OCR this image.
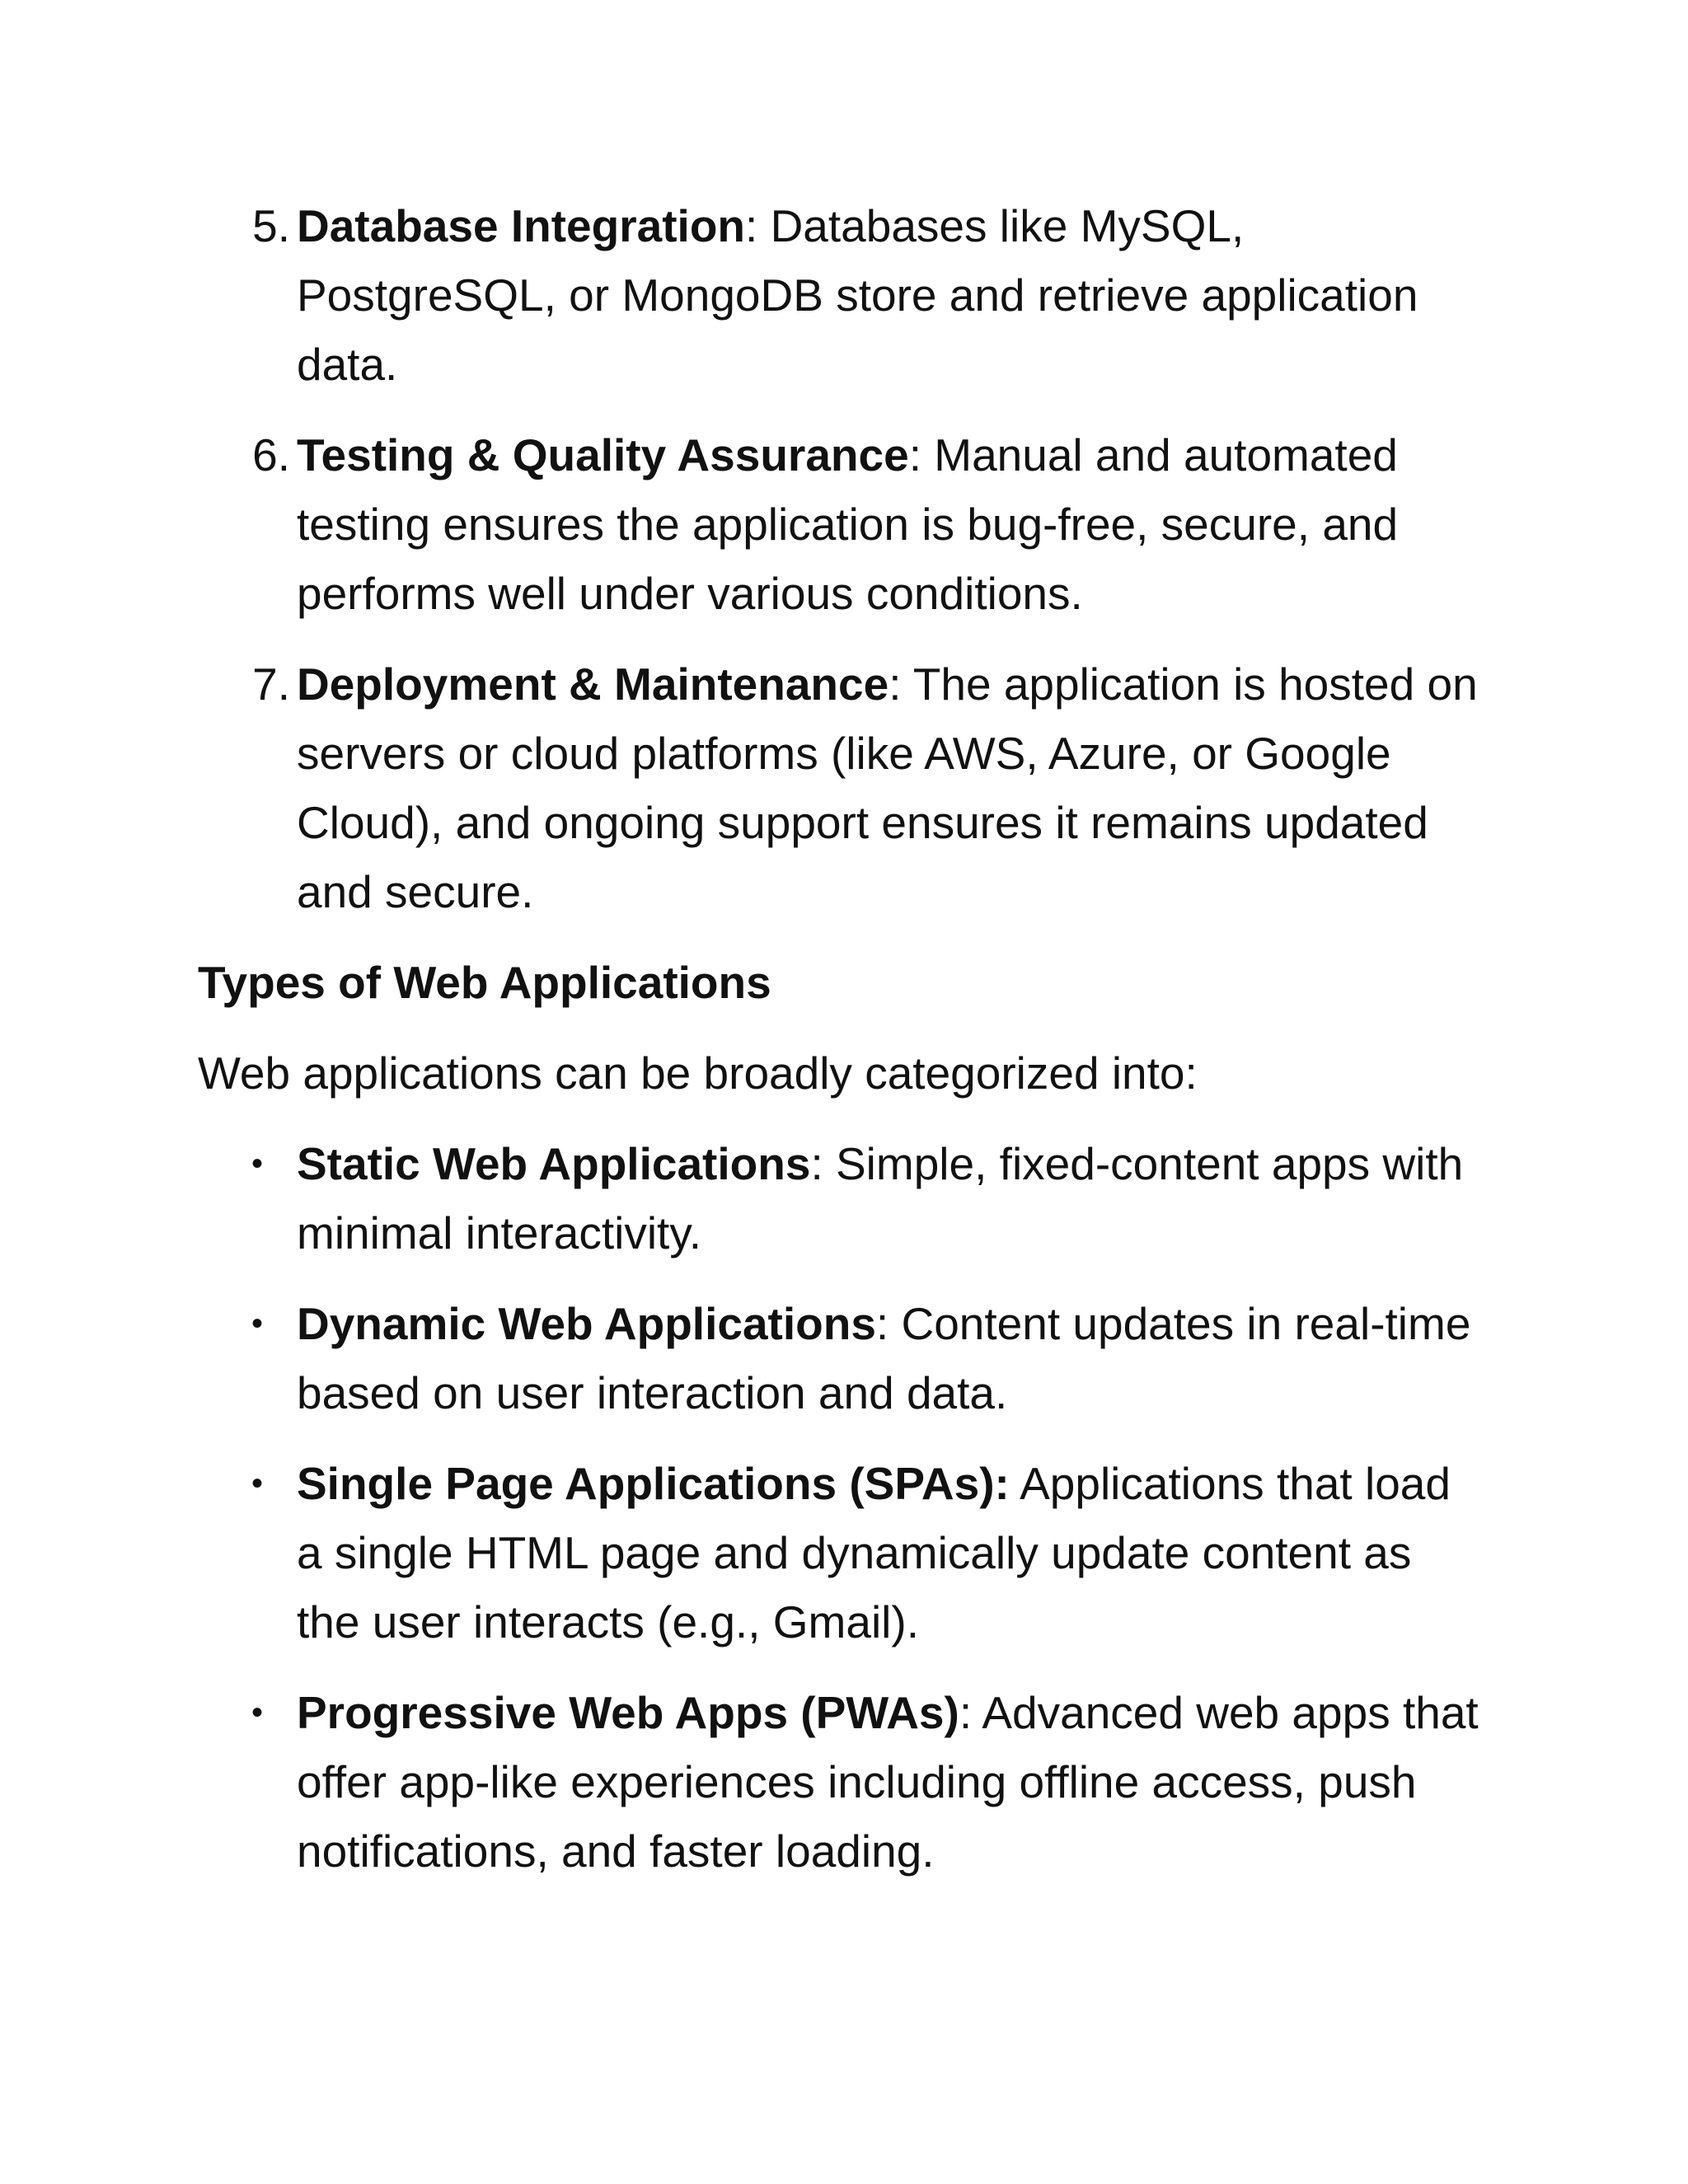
5. Database Integration: Databases like MySQL, PostgreSQL, or MongoDB store and retrieve application data.
6. Testing & Quality Assurance: Manual and automated testing ensures the application is bug-free, secure, and performs well under various conditions.
7. Deployment & Maintenance: The application is hosted on servers or cloud platforms (like AWS, Azure, or Google Cloud), and ongoing support ensures it remains updated and secure.
Types of Web Applications
Web applications can be broadly categorized into:
• Static Web Applications: Simple, fixed-content apps with minimal interactivity.
• Dynamic Web Applications: Content updates in real-time based on user interaction and data.
• Single Page Applications (SPAs): Applications that load a single HTML page and dynamically update content as the user interacts (e.g., Gmail).
• Progressive Web Apps (PWAs): Advanced web apps that offer app-like experiences including offline access, push notifications, and faster loading.
